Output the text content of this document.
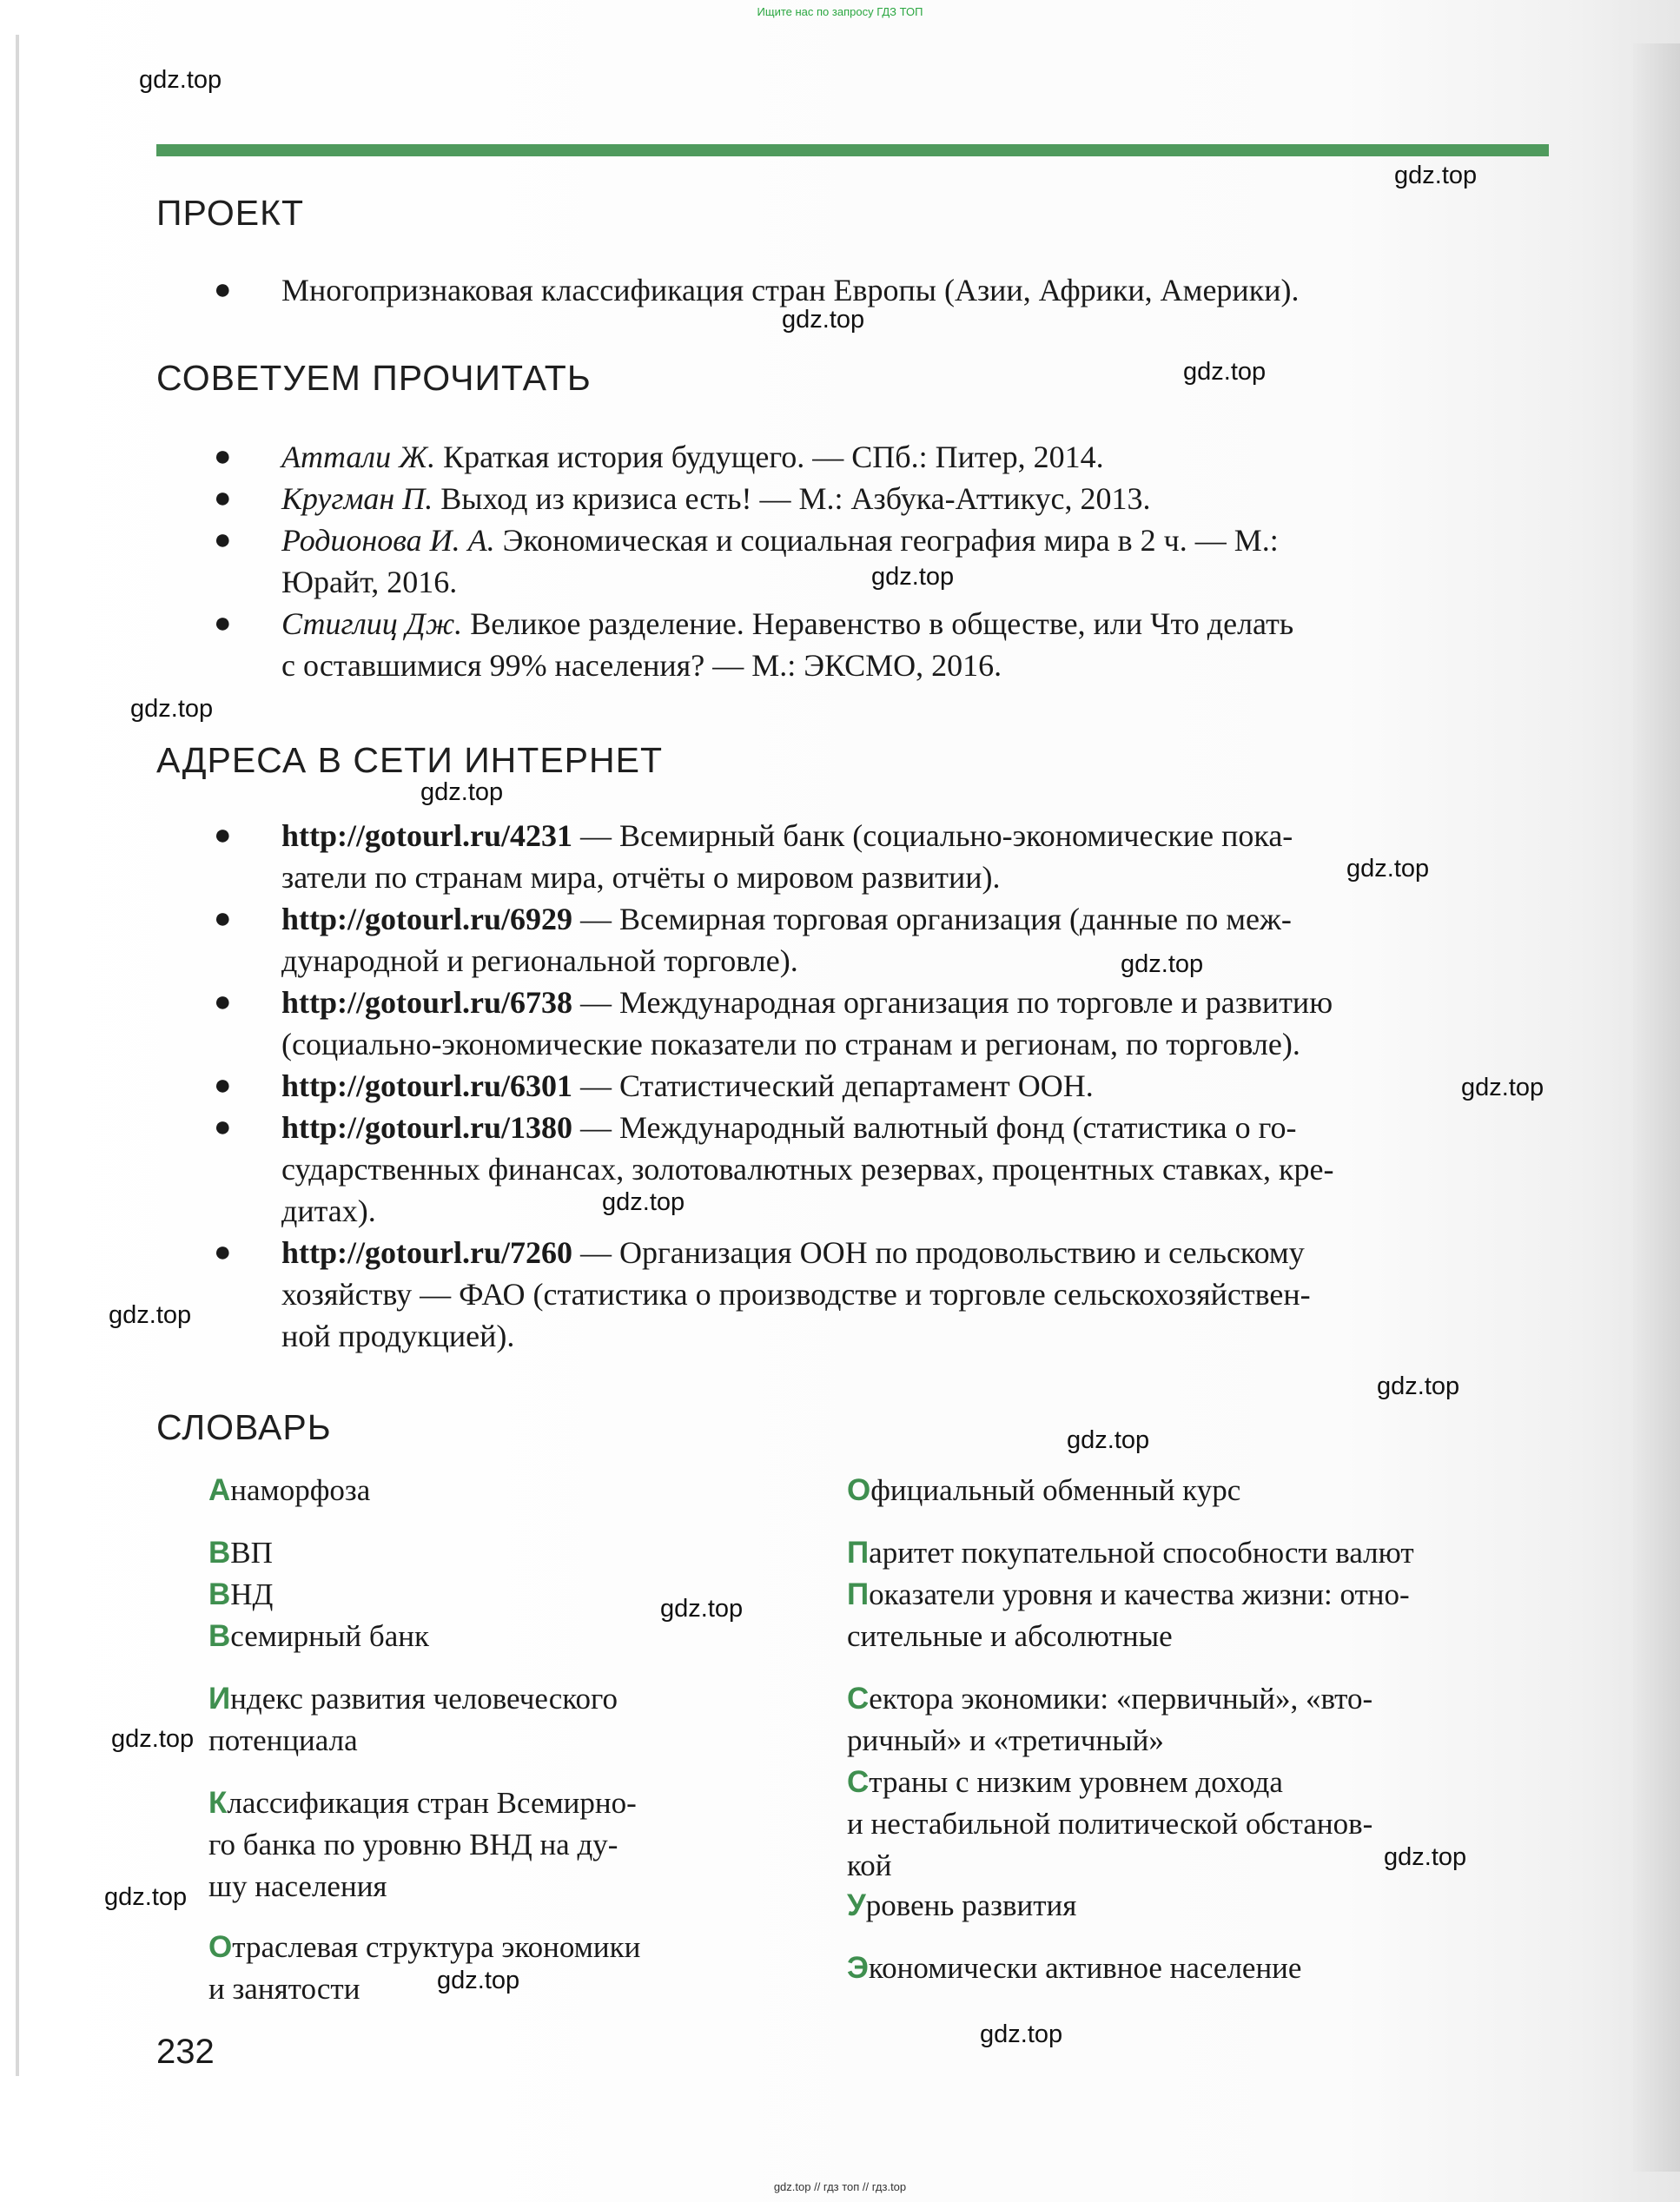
Ищите нас по запросу ГДЗ ТОП
ПРОЕКТ
● Многопризнаковая классификация стран Европы (Азии, Африки, Америки).
СОВЕТУЕМ ПРОЧИТАТЬ
● Аттали Ж. Краткая история будущего. — СПб.: Питер, 2014.
● Кругман П. Выход из кризиса есть! — М.: Азбука-Аттикус, 2013.
● Родионова И. А. Экономическая и социальная география мира в 2 ч. — М.:
Юрайт, 2016.
● Стиглиц Дж. Великое разделение. Неравенство в обществе, или Что делать
с оставшимися 99% населения? — М.: ЭКСМО, 2016.
АДРЕСА В СЕТИ ИНТЕРНЕТ
● http://gotourl.ru/4231 — Всемирный банк (социально-экономические пока-
затели по странам мира, отчёты о мировом развитии).
● http://gotourl.ru/6929 — Всемирная торговая организация (данные по меж-
дународной и региональной торговле).
● http://gotourl.ru/6738 — Международная организация по торговле и развитию
(социально-экономические показатели по странам и регионам, по торговле).
● http://gotourl.ru/6301 — Статистический департамент ООН.
● http://gotourl.ru/1380 — Международный валютный фонд (статистика о го-
сударственных финансах, золотовалютных резервах, процентных ставках, кре-
дитах).
● http://gotourl.ru/7260 — Организация ООН по продовольствию и сельскому
хозяйству — ФАО (статистика о производстве и торговле сельскохозяйствен-
ной продукцией).
СЛОВАРЬ
Анаморфоза
ВВП
ВНД
Всемирный банк
Индекс развития человеческого
потенциала
Классификация стран Всемирно-
го банка по уровню ВНД на ду-
шу населения
Отраслевая структура экономики
и занятости
Официальный обменный курс
Паритет покупательной способности валют
Показатели уровня и качества жизни: отно-
сительные и абсолютные
Сектора экономики: «первичный», «вто-
ричный» и «третичный»
Страны с низким уровнем дохода
и нестабильной политической обстанов-
кой
Уровень развития
Экономически активное население
232
gdz.top
gdz.top
gdz.top
gdz.top
gdz.top
gdz.top
gdz.top
gdz.top
gdz.top
gdz.top
gdz.top
gdz.top
gdz.top
gdz.top
gdz.top
gdz.top
gdz.top
gdz.top
gdz.top
gdz.top
gdz.top // гдз топ // гдз.top
